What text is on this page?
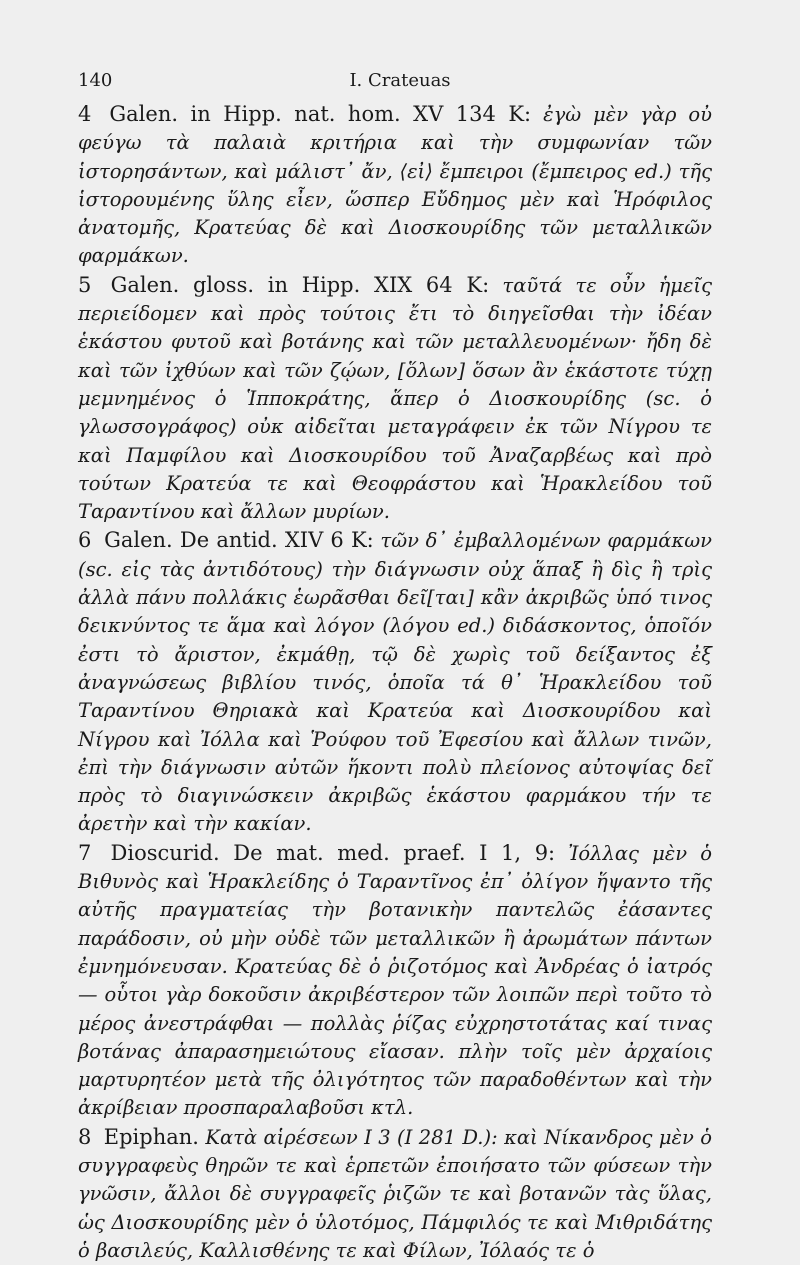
140	I. Crateuas

4 Galen. in Hipp. nat. hom. XV 134 K: ἐγὼ μὲν γὰρ οὐ φεύγω τὰ παλαιὰ κριτήρια καὶ τὴν συμφωνίαν τῶν ἱστορησάντων, καὶ μάλιστ᾽ ἄν, ⟨εἰ⟩ ἔμπειροι (ἔμπειρος ed.) τῆς ἱστορουμένης ὕλης εἶεν, ὥσπερ Εὔδημος μὲν καὶ Ἡρόφιλος ἀνατομῆς, Κρατεύας δὲ καὶ Διοσκουρίδης τῶν μεταλλικῶν φαρμάκων.

5 Galen. gloss. in Hipp. XIX 64 K: ταῦτά τε οὖν ἡμεῖς περιείδομεν καὶ πρὸς τούτοις ἔτι τὸ διηγεῖσθαι τὴν ἰδέαν ἑκάστου φυτοῦ καὶ βοτάνης καὶ τῶν μεταλλευομένων· ἤδη δὲ καὶ τῶν ἰχθύων καὶ τῶν ζῴων, [ὅλων] ὅσων ἂν ἑκάστοτε τύχῃ μεμνημένος ὁ Ἱπποκράτης, ἅπερ ὁ Διοσκουρίδης (sc. ὁ γλωσσογράφος) οὐκ αἰδεῖται μεταγράφειν ἐκ τῶν Νίγρου τε καὶ Παμφίλου καὶ Διοσκουρίδου τοῦ Ἀναζαρβέως καὶ πρὸ τούτων Κρατεύα τε καὶ Θεοφράστου καὶ Ἡρακλείδου τοῦ Ταραντίνου καὶ ἄλλων μυρίων.

6 Galen. De antid. XIV 6 K: τῶν δ᾽ ἐμβαλλομένων φαρμάκων (sc. εἰς τὰς ἀντιδότους) τὴν διάγνωσιν οὐχ ἅπαξ ἢ δὶς ἢ τρὶς ἀλλὰ πάνυ πολλάκις ἑωρᾶσθαι δεῖ[ται] κἂν ἀκριβῶς ὑπό τινος δεικνύντος τε ἅμα καὶ λόγον (λόγου ed.) διδάσκοντος, ὁποῖόν ἐστι τὸ ἄριστον, ἐκμάθῃ, τῷ δὲ χωρὶς τοῦ δείξαντος ἐξ ἀναγνώσεως βιβλίου τινός, ὁποῖα τά θ᾽ Ἡρακλείδου τοῦ Ταραντίνου Θηριακὰ καὶ Κρατεύα καὶ Διοσκουρίδου καὶ Νίγρου καὶ Ἰόλλα καὶ Ῥούφου τοῦ Ἐφεσίου καὶ ἄλλων τινῶν, ἐπὶ τὴν διάγνωσιν αὐτῶν ἥκοντι πολὺ πλείονος αὐτοψίας δεῖ πρὸς τὸ διαγινώσκειν ἀκριβῶς ἑκάστου φαρμάκου τήν τε ἀρετὴν καὶ τὴν κακίαν.

7 Dioscurid. De mat. med. praef. I 1, 9: Ἰόλλας μὲν ὁ Βιθυνὸς καὶ Ἡρακλείδης ὁ Ταραντῖνος ἐπ᾽ ὀλίγον ἥψαντο τῆς αὐτῆς πραγματείας τὴν βοτανικὴν παντελῶς ἐάσαντες παράδοσιν, οὐ μὴν οὐδὲ τῶν μεταλλικῶν ἢ ἀρωμάτων πάντων ἐμνημόνευσαν. Κρατεύας δὲ ὁ ῥιζοτόμος καὶ Ἀνδρέας ὁ ἰατρός — οὗτοι γὰρ δοκοῦσιν ἀκριβέστερον τῶν λοιπῶν περὶ τοῦτο τὸ μέρος ἀνεστράφθαι — πολλὰς ῥίζας εὐχρηστοτάτας καί τινας βοτάνας ἀπαρασημειώτους εἴασαν. πλὴν τοῖς μὲν ἀρχαίοις μαρτυρητέον μετὰ τῆς ὀλιγότητος τῶν παραδοθέντων καὶ τὴν ἀκρίβειαν προσπαραλαβοῦσι κτλ.

8 Epiphan. Κατὰ αἱρέσεων I 3 (I 281 D.): καὶ Νίκανδρος μὲν ὁ συγγραφεὺς θηρῶν τε καὶ ἑρπετῶν ἐποιήσατο τῶν φύσεων τὴν γνῶσιν, ἄλλοι δὲ συγγραφεῖς ῥιζῶν τε καὶ βοτανῶν τὰς ὕλας, ὡς Διοσκουρίδης μὲν ὁ ὑλοτόμος, Πάμφιλός τε καὶ Μιθριδάτης ὁ βασιλεύς, Καλλισθένης τε καὶ Φίλων, Ἰόλαός τε ὁ
